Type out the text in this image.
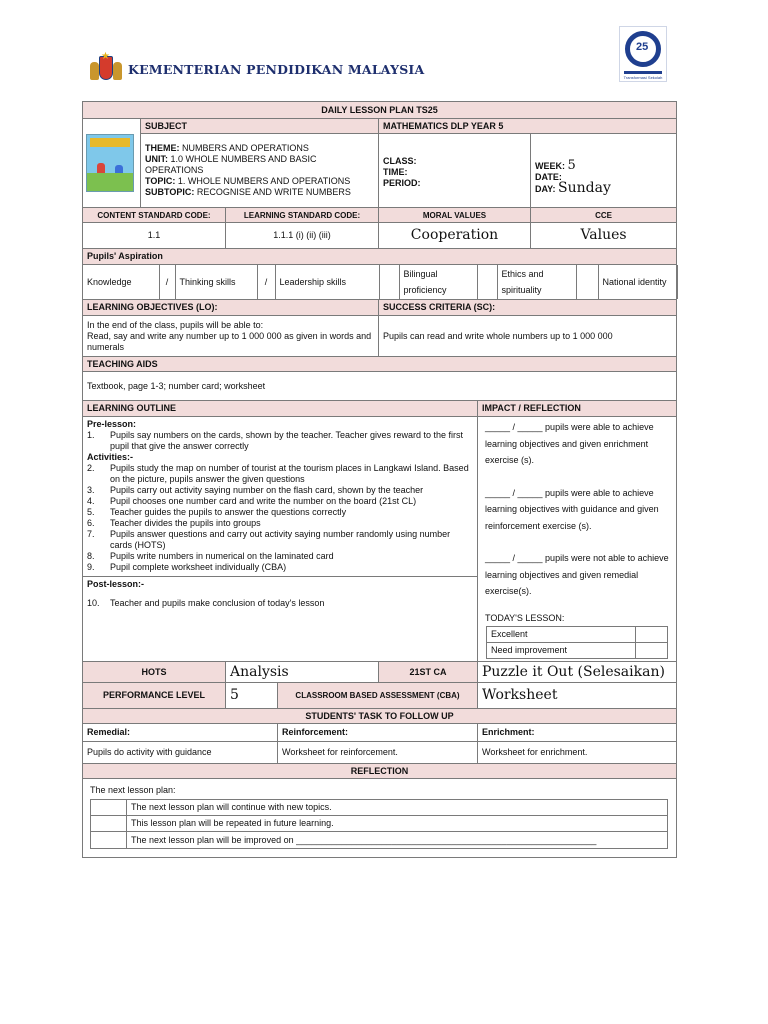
★
KEMENTERIAN PENDIDIKAN MALAYSIA
25
Transformasi Sekolah
DAILY LESSON PLAN TS25

	SUBJECT	MATHEMATICS DLP YEAR 5

THEME: NUMBERS AND OPERATIONS
UNIT: 1.0 WHOLE NUMBERS AND BASIC OPERATIONS
TOPIC: 1. WHOLE NUMBERS AND OPERATIONS
SUBTOPIC: RECOGNISE AND WRITE NUMBERS

CLASS:
TIME:
PERIOD:

WEEK: 5
DATE:
DAY: Sunday

CONTENT STANDARD CODE:	LEARNING STANDARD CODE:	MORAL VALUES	CCE
1.1	1.1.1 (i) (ii) (iii)	Cooperation	Values
Pupils' Aspiration

Knowledge	/	Thinking skills	/	Leadership skills		Bilingual proficiency		Ethics and spirituality		National identity	

LEARNING OBJECTIVES (LO):	SUCCESS CRITERIA (SC):

In the end of the class, pupils will be able to:
Read, say and write any number up to 1 000 000 as given in words and numerals
	Pupils can read and write whole numbers up to 1 000 000
TEACHING AIDS
Textbook, page 1-3; number card; worksheet
LEARNING OUTLINE	IMPACT / REFLECTION

Pre-lesson:
1.	Pupils say numbers on the cards, shown by the teacher. Teacher gives reward to the first pupil that give the answer correctly
Activities:-
2.	Pupils study the map on number of tourist at the tourism places in Langkawi Island. Based on the picture, pupils answer the given questions
3.	Pupils carry out activity saying number on the flash card, shown by the teacher
4.	Pupil chooses one number card and write the number on the board (21st CL)
5.	Teacher guides the pupils to answer the questions correctly
6.	Teacher divides the pupils into groups
7.	Pupils answer questions and carry out activity saying number randomly using number cards (HOTS)
8.	Pupils write numbers in numerical on the laminated card
9.	Pupil complete worksheet individually (CBA)
Post-lesson:-
10.	Teacher and pupils make conclusion of today's lesson

_____ / _____ pupils were able to achieve learning objectives and given enrichment exercise (s).
_____ / _____ pupils were able to achieve learning objectives with guidance and given reinforcement exercise (s).
_____ / _____ pupils were not able to achieve learning objectives and given remedial exercise(s).
TODAY'S LESSON:
Excellent	
Need improvement	

HOTS	Analysis	21ST CA	Puzzle it Out (Selesaikan)
PERFORMANCE LEVEL	5	CLASSROOM BASED ASSESSMENT (CBA)	Worksheet
STUDENTS' TASK TO FOLLOW UP
Remedial:	Reinforcement:	Enrichment:
Pupils do activity with guidance	Worksheet for reinforcement.	Worksheet for enrichment.
REFLECTION

The next lesson plan:
	The next lesson plan will continue with new topics.
	This lesson plan will be repeated in future learning.
	The next lesson plan will be improved on ____________________________________________________________
